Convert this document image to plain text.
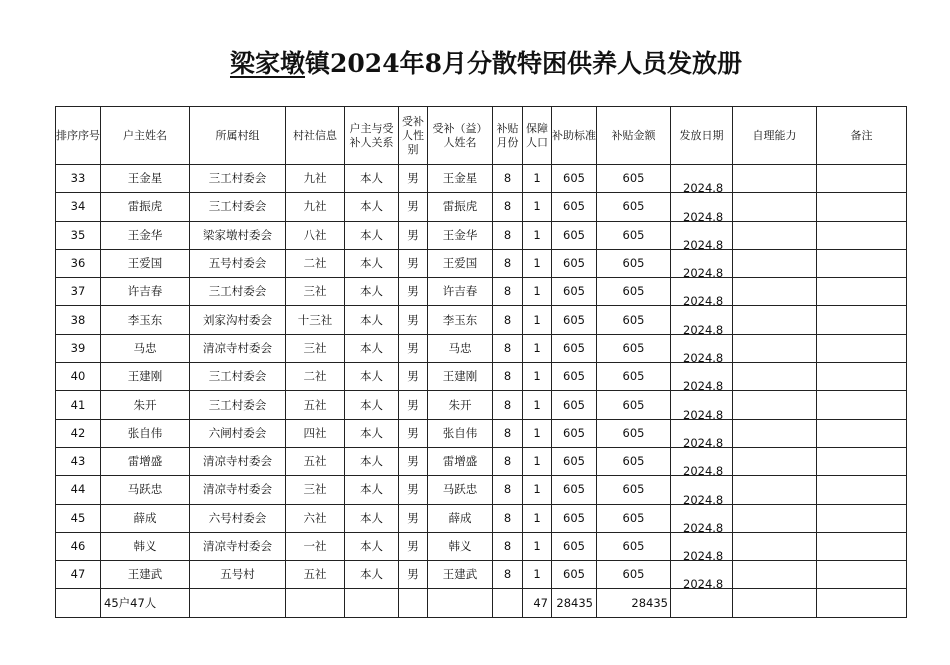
梁家墩镇2024年8月分散特困供养人员发放册
排序序号	户主姓名	所属村组	村社信息	户主与受补人关系	受补人性别	受补（益）人姓名	补贴月份	保障人口	补助标准	补贴金额	发放日期	自理能力	备注
33	王金星	三工村委会	九社	本人	男	王金星	8	1	605	605	2024.8		
34	雷振虎	三工村委会	九社	本人	男	雷振虎	8	1	605	605	2024.8		
35	王金华	梁家墩村委会	八社	本人	男	王金华	8	1	605	605	2024.8		
36	王爱国	五号村委会	二社	本人	男	王爱国	8	1	605	605	2024.8		
37	许吉春	三工村委会	三社	本人	男	许吉春	8	1	605	605	2024.8		
38	李玉东	刘家沟村委会	十三社	本人	男	李玉东	8	1	605	605	2024.8		
39	马忠	清凉寺村委会	三社	本人	男	马忠	8	1	605	605	2024.8		
40	王建刚	三工村委会	二社	本人	男	王建刚	8	1	605	605	2024.8		
41	朱开	三工村委会	五社	本人	男	朱开	8	1	605	605	2024.8		
42	张自伟	六闸村委会	四社	本人	男	张自伟	8	1	605	605	2024.8		
43	雷增盛	清凉寺村委会	五社	本人	男	雷增盛	8	1	605	605	2024.8		
44	马跃忠	清凉寺村委会	三社	本人	男	马跃忠	8	1	605	605	2024.8		
45	薛成	六号村委会	六社	本人	男	薛成	8	1	605	605	2024.8		
46	韩义	清凉寺村委会	一社	本人	男	韩义	8	1	605	605	2024.8		
47	王建武	五号村	五社	本人	男	王建武	8	1	605	605	2024.8		
	45户47人							47	28435	28435			
